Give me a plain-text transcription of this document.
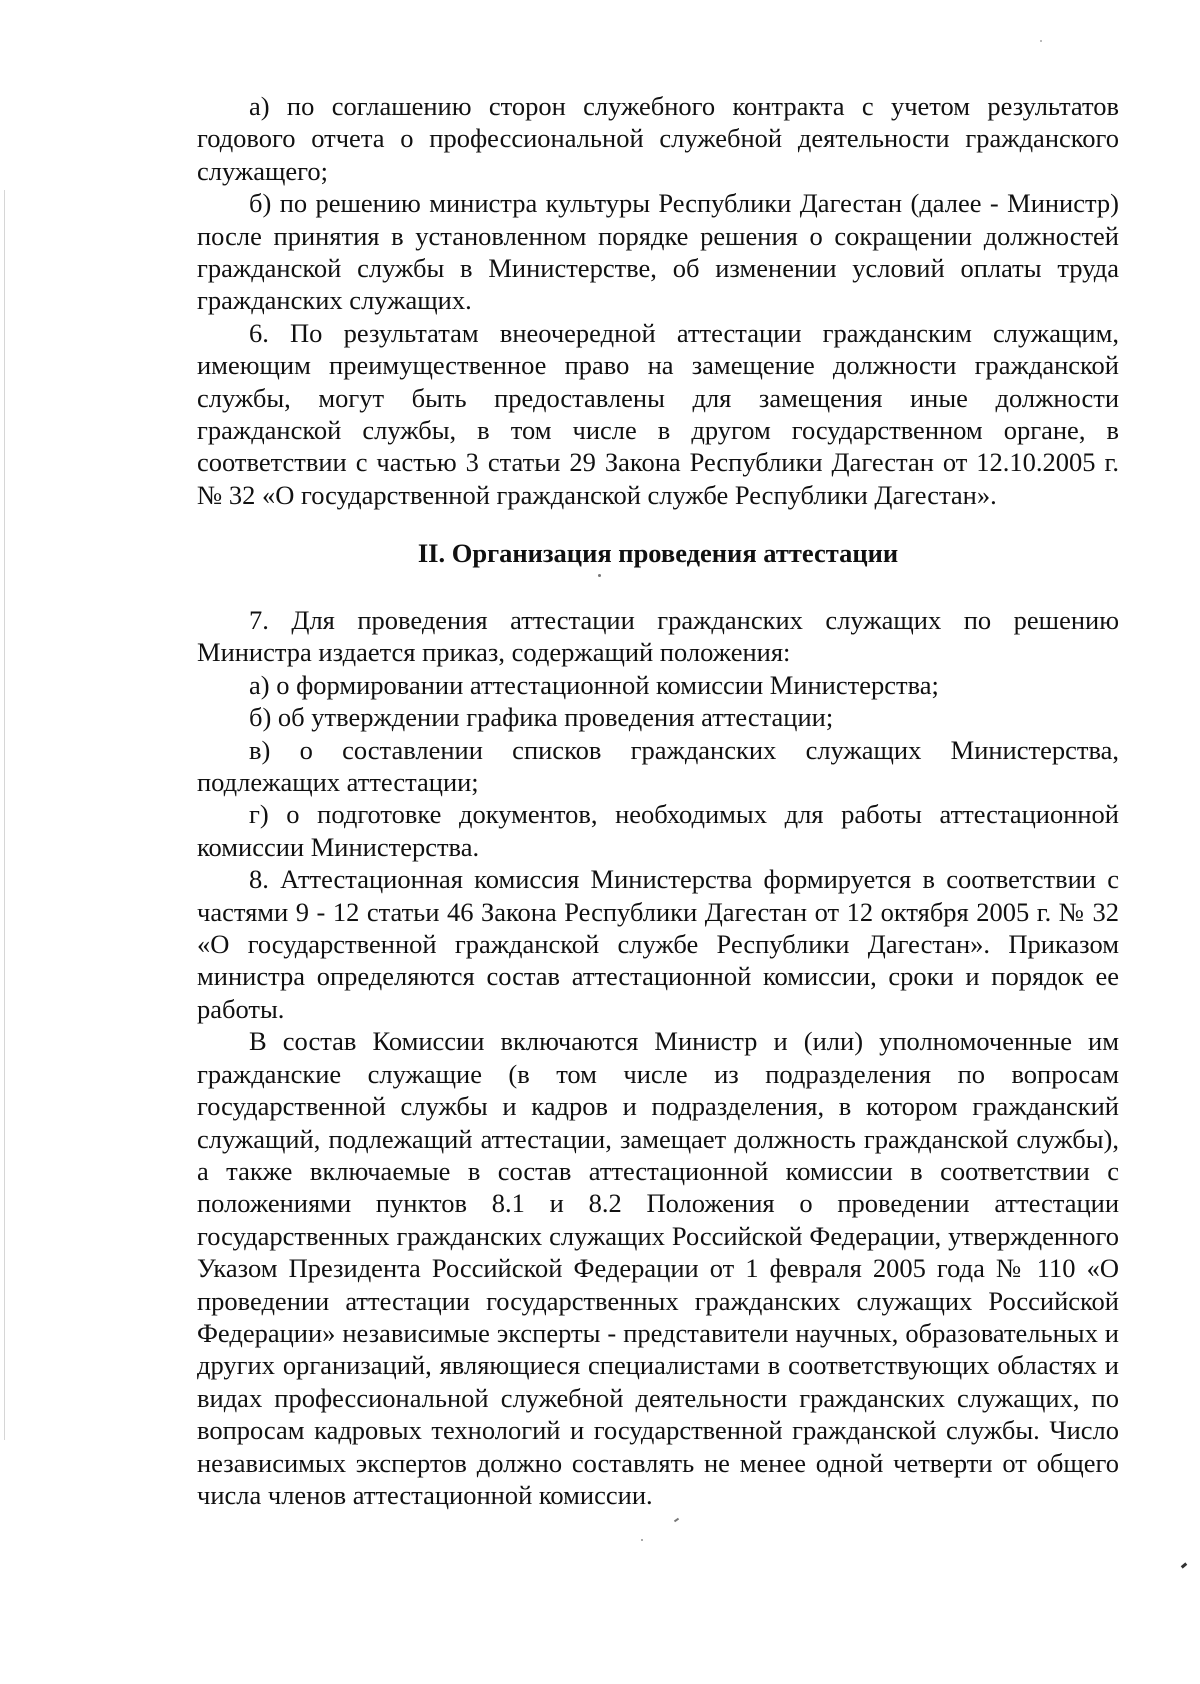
а) по соглашению сторон служебного контракта с учетом результатов годового отчета о профессиональной служебной деятельности гражданского служащего;

б) по решению министра культуры Республики Дагестан (далее - Министр) после принятия в установленном порядке решения о сокращении должностей гражданской службы в Министерстве, об изменении условий оплаты труда гражданских служащих.

6. По результатам внеочередной аттестации гражданским служащим, имеющим преимущественное право на замещение должности гражданской службы, могут быть предоставлены для замещения иные должности гражданской службы, в том числе в другом государственном органе, в соответствии с частью 3 статьи 29 Закона Республики Дагестан от 12.10.2005 г. № 32 «О государственной гражданской службе Республики Дагестан».

II. Организация проведения аттестации

7. Для проведения аттестации гражданских служащих по решению Министра издается приказ, содержащий положения:

а) о формировании аттестационной комиссии Министерства;

б) об утверждении графика проведения аттестации;

в) о составлении списков гражданских служащих Министерства, подлежащих аттестации;

г) о подготовке документов, необходимых для работы аттестационной комиссии Министерства.

8. Аттестационная комиссия Министерства формируется в соответствии с частями 9 - 12 статьи 46 Закона Республики Дагестан от 12 октября 2005 г. № 32 «О государственной гражданской службе Республики Дагестан». Приказом министра определяются состав аттестационной комиссии, сроки и порядок ее работы.

В состав Комиссии включаются Министр и (или) уполномоченные им гражданские служащие (в том числе из подразделения по вопросам государственной службы и кадров и подразделения, в котором гражданский служащий, подлежащий аттестации, замещает должность гражданской службы), а также включаемые в состав аттестационной комиссии в соответствии с положениями пунктов 8.1 и 8.2 Положения о проведении аттестации государственных гражданских служащих Российской Федерации, утвержденного Указом Президента Российской Федерации от 1 февраля 2005 года № 110 «О проведении аттестации государственных гражданских служащих Российской Федерации» независимые эксперты - представители научных, образовательных и других организаций, являющиеся специалистами в соответствующих областях и видах профессиональной служебной деятельности гражданских служащих, по вопросам кадровых технологий и государственной гражданской службы. Число независимых экспертов должно составлять не менее одной четверти от общего числа членов аттестационной комиссии.
